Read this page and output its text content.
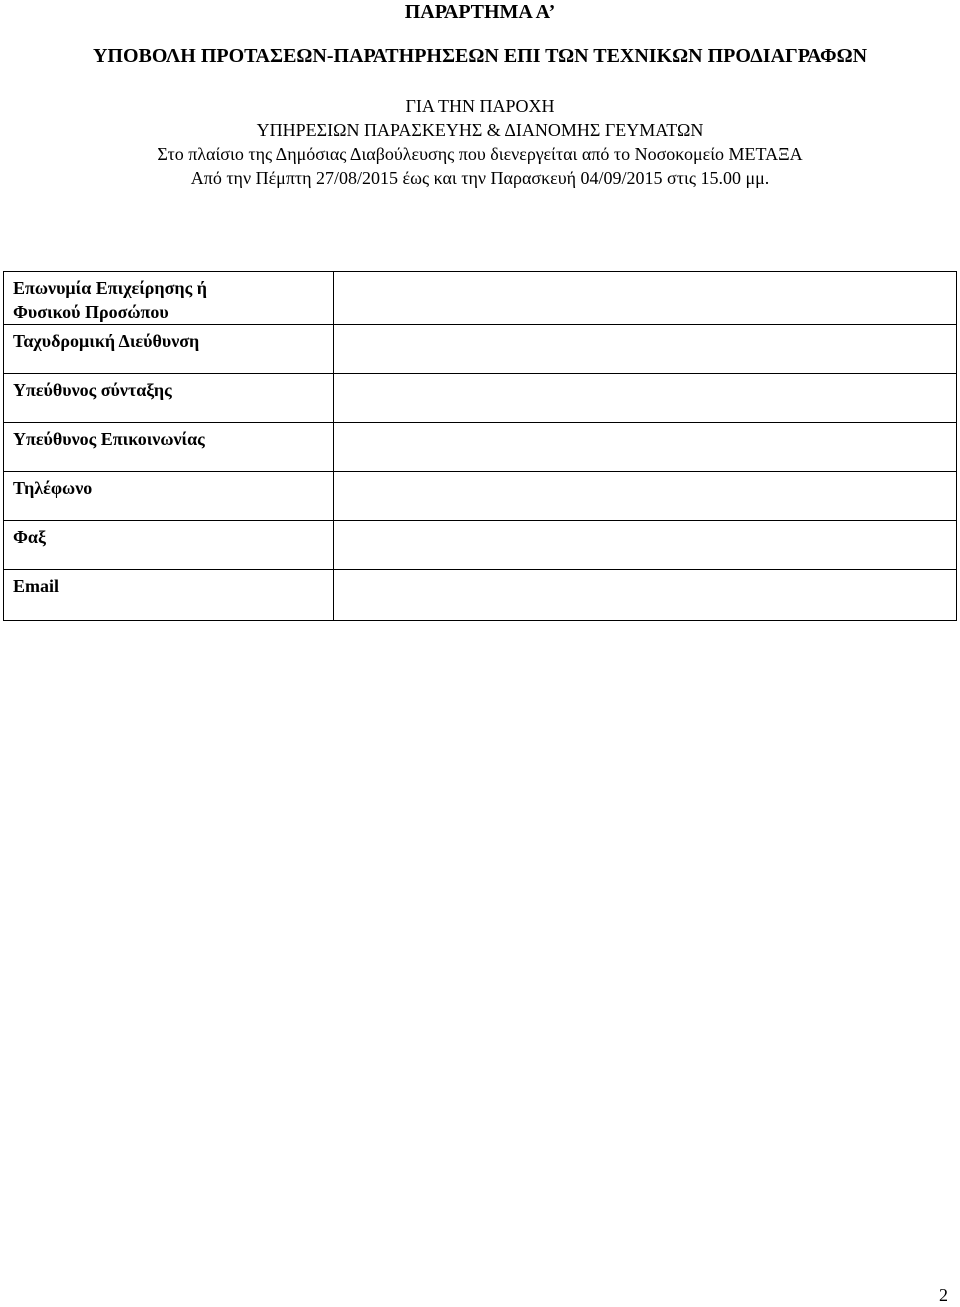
ΠΑΡΑΡΤΗΜΑ Α’
ΥΠΟΒΟΛΗ ΠΡΟΤΑΣΕΩΝ-ΠΑΡΑΤΗΡΗΣΕΩΝ ΕΠΙ ΤΩΝ ΤΕΧΝΙΚΩΝ ΠΡΟΔΙΑΓΡΑΦΩΝ
ΓΙΑ ΤΗΝ ΠΑΡΟΧΗ
ΥΠΗΡΕΣΙΩΝ ΠΑΡΑΣΚΕΥΗΣ & ΔΙΑΝΟΜΗΣ ΓΕΥΜΑΤΩΝ
Στο πλαίσιο της Δημόσιας Διαβούλευσης που διενεργείται από το Νοσοκομείο ΜΕΤΑΞΑ
Από την Πέμπτη 27/08/2015 έως και την Παρασκευή 04/09/2015 στις 15.00 μμ.
Επωνυμία Επιχείρησης ή
Φυσικού Προσώπου	

Ταχυδρομική Διεύθυνση	
Υπεύθυνος σύνταξης	
Υπεύθυνος Επικοινωνίας	
Τηλέφωνο	
Φαξ	
Email	
2
